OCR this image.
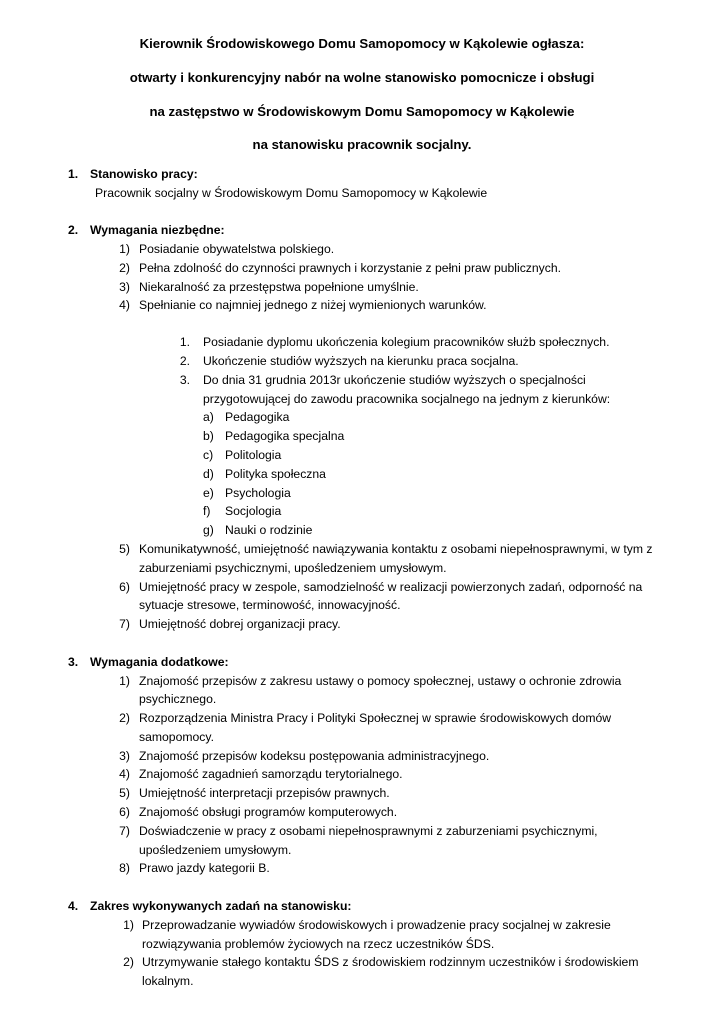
Kierownik Środowiskowego Domu Samopomocy w Kąkolewie ogłasza:
otwarty i konkurencyjny nabór na wolne stanowisko pomocnicze i obsługi
na zastępstwo w Środowiskowym Domu Samopomocy w Kąkolewie
na stanowisku pracownik socjalny.
1. Stanowisko pracy:
Pracownik socjalny w Środowiskowym Domu Samopomocy w Kąkolewie
2. Wymagania niezbędne:
1) Posiadanie obywatelstwa polskiego.
2) Pełna zdolność do czynności prawnych i korzystanie z pełni praw publicznych.
3) Niekaralność za przestępstwa popełnione umyślnie.
4) Spełnianie co najmniej jednego z niżej wymienionych warunków.
1. Posiadanie dyplomu ukończenia kolegium pracowników służb społecznych.
2. Ukończenie studiów wyższych na kierunku praca socjalna.
3. Do dnia 31 grudnia 2013r ukończenie studiów wyższych o specjalności
przygotowującej do zawodu pracownika socjalnego na jednym z kierunków:
a) Pedagogika
b) Pedagogika specjalna
c) Politologia
d) Polityka społeczna
e) Psychologia
f) Socjologia
g) Nauki o rodzinie
5) Komunikatywność, umiejętność nawiązywania kontaktu z osobami niepełnosprawnymi, w tym z
zaburzeniami psychicznymi, upośledzeniem umysłowym.
6) Umiejętność pracy w zespole, samodzielność w realizacji powierzonych zadań, odporność na
sytuacje stresowe, terminowość, innowacyjność.
7) Umiejętność dobrej organizacji pracy.
3. Wymagania dodatkowe:
1) Znajomość przepisów z zakresu ustawy o pomocy społecznej, ustawy o ochronie zdrowia
psychicznego.
2) Rozporządzenia Ministra Pracy i Polityki Społecznej w sprawie środowiskowych domów
samopomocy.
3) Znajomość przepisów kodeksu postępowania administracyjnego.
4) Znajomość zagadnień samorządu terytorialnego.
5) Umiejętność interpretacji przepisów prawnych.
6) Znajomość obsługi programów komputerowych.
7) Doświadczenie w pracy z osobami niepełnosprawnymi z zaburzeniami psychicznymi,
upośledzeniem umysłowym.
8) Prawo jazdy kategorii B.
4. Zakres wykonywanych zadań na stanowisku:
1) Przeprowadzanie wywiadów środowiskowych i prowadzenie pracy socjalnej w zakresie
rozwiązywania problemów życiowych na rzecz uczestników ŚDS.
2) Utrzymywanie stałego kontaktu ŚDS z środowiskiem rodzinnym uczestników i środowiskiem
lokalnym.
